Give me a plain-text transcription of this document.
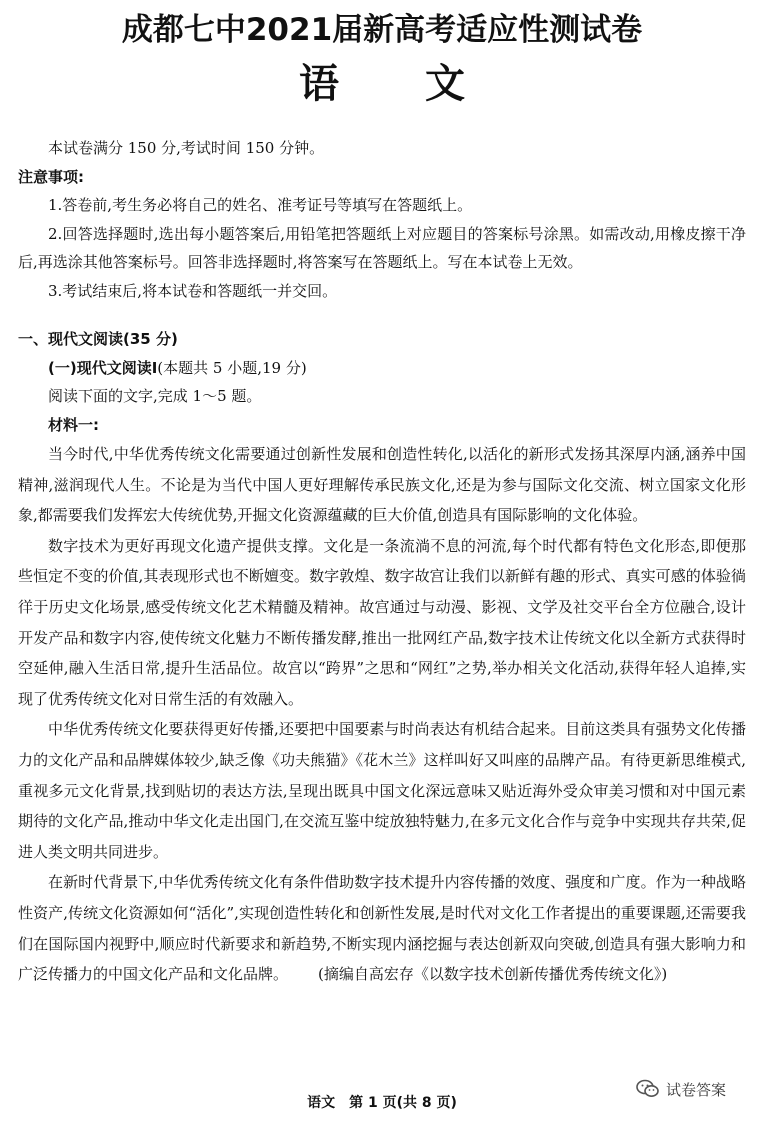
成都七中2021届新高考适应性测试卷
语 文

本试卷满分 150 分,考试时间 150 分钟。

注意事项:

1.答卷前,考生务必将自己的姓名、准考证号等填写在答题纸上。

2.回答选择题时,选出每小题答案后,用铅笔把答题纸上对应题目的答案标号涂黑。如需改动,用橡皮擦干净后,再选涂其他答案标号。回答非选择题时,将答案写在答题纸上。写在本试卷上无效。

3.考试结束后,将本试卷和答题纸一并交回。

一、现代文阅读(35 分)

(一)现代文阅读Ⅰ(本题共 5 小题,19 分)

阅读下面的文字,完成 1～5 题。

材料一:

当今时代,中华优秀传统文化需要通过创新性发展和创造性转化,以活化的新形式发扬其深厚内涵,涵养中国精神,滋润现代人生。不论是为当代中国人更好理解传承民族文化,还是为参与国际文化交流、树立国家文化形象,都需要我们发挥宏大传统优势,开掘文化资源蕴藏的巨大价值,创造具有国际影响的文化体验。

数字技术为更好再现文化遗产提供支撑。文化是一条流淌不息的河流,每个时代都有特色文化形态,即便那些恒定不变的价值,其表现形式也不断嬗变。数字敦煌、数字故宫让我们以新鲜有趣的形式、真实可感的体验徜徉于历史文化场景,感受传统文化艺术精髓及精神。故宫通过与动漫、影视、文学及社交平台全方位融合,设计开发产品和数字内容,使传统文化魅力不断传播发酵,推出一批网红产品,数字技术让传统文化以全新方式获得时空延伸,融入生活日常,提升生活品位。故宫以“跨界”之思和“网红”之势,举办相关文化活动,获得年轻人追捧,实现了优秀传统文化对日常生活的有效融入。

中华优秀传统文化要获得更好传播,还要把中国要素与时尚表达有机结合起来。目前这类具有强势文化传播力的文化产品和品牌媒体较少,缺乏像《功夫熊猫》《花木兰》这样叫好又叫座的品牌产品。有待更新思维模式,重视多元文化背景,找到贴切的表达方法,呈现出既具中国文化深远意味又贴近海外受众审美习惯和对中国元素期待的文化产品,推动中华文化走出国门,在交流互鉴中绽放独特魅力,在多元文化合作与竞争中实现共存共荣,促进人类文明共同进步。

在新时代背景下,中华优秀传统文化有条件借助数字技术提升内容传播的效度、强度和广度。作为一种战略性资产,传统文化资源如何“活化”,实现创造性转化和创新性发展,是时代对文化工作者提出的重要课题,还需要我们在国际国内视野中,顺应时代新要求和新趋势,不断实现内涵挖掘与表达创新双向突破,创造具有强大影响力和广泛传播力的中国文化产品和文化品牌。 (摘编自高宏存《以数字技术创新传播优秀传统文化》)

试卷答案
语文　第 1 页(共 8 页)
